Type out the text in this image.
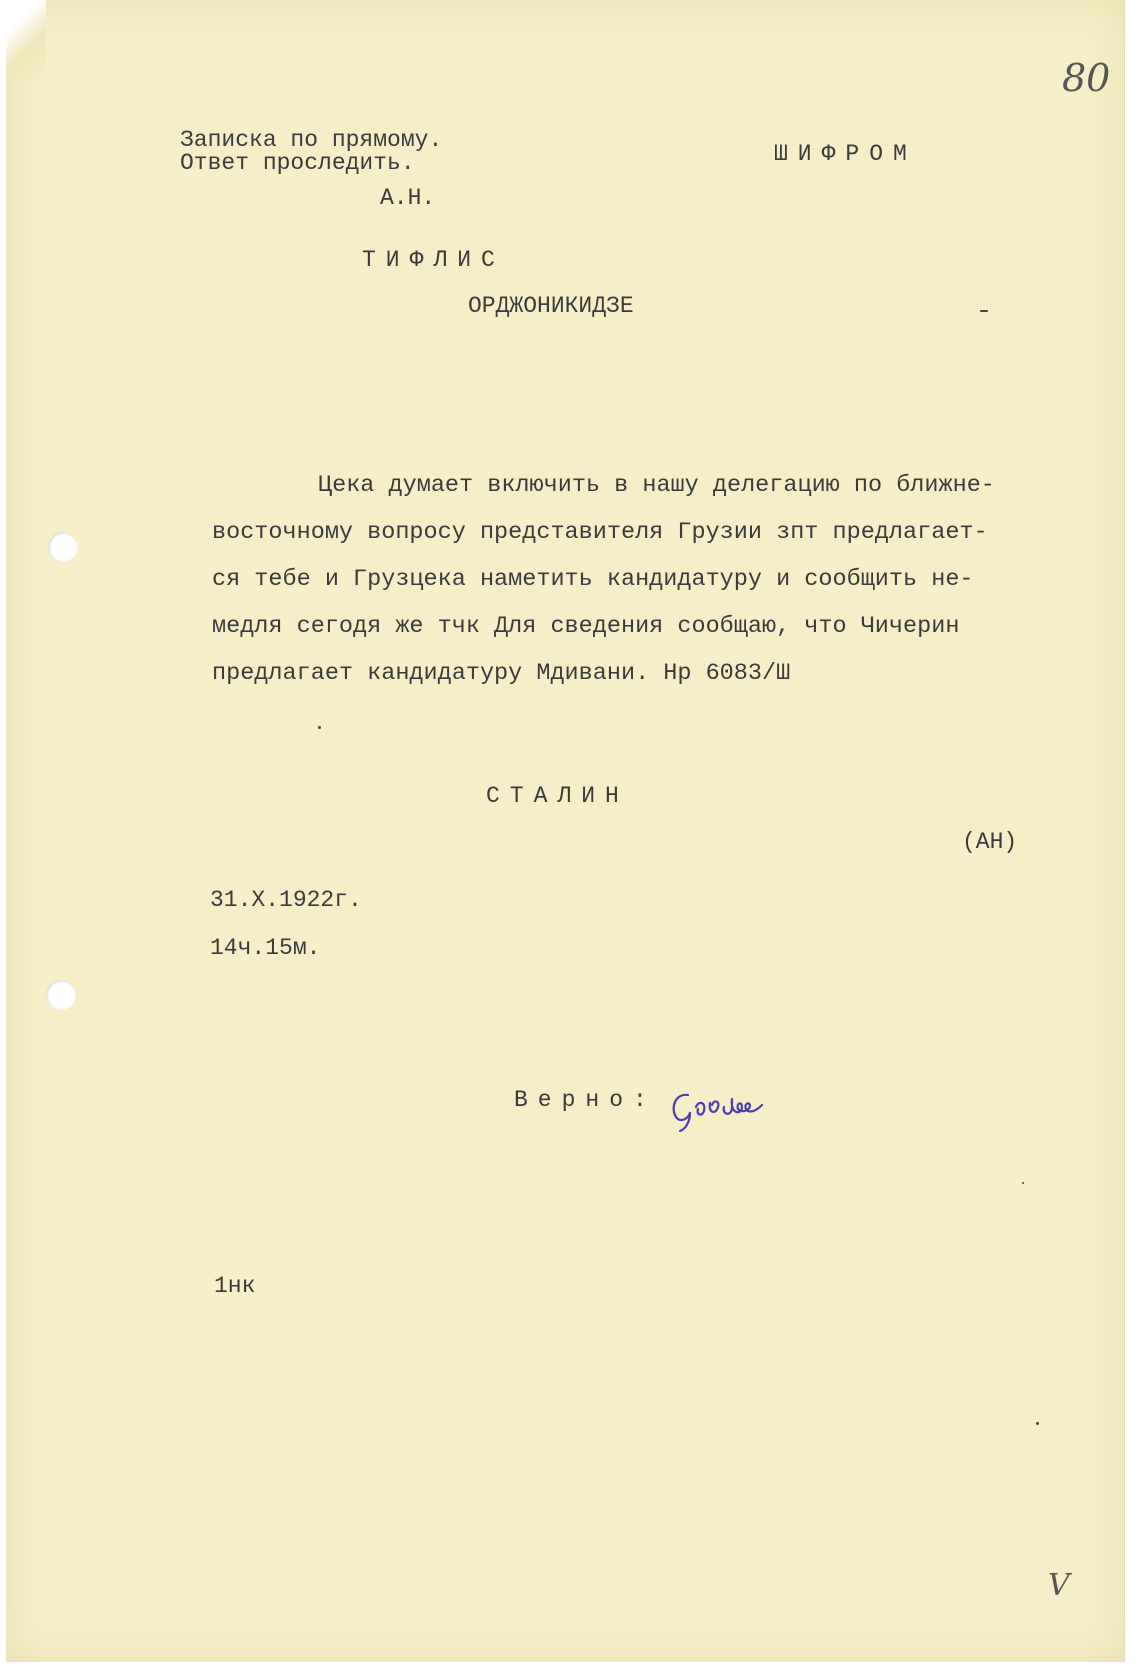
80
Записка по прямому.
Ответ проследить.
А.Н.
ШИФРОМ
ТИФЛИС
ОРДЖОНИКИДЗЕ
Цека думает включить в нашу делегацию по ближне-
восточному вопросу представителя Грузии зпт предлагает-
ся тебе и Грузцека наметить кандидатуру и сообщить не-
медля сегодя же тчк Для сведения сообщаю, что Чичерин
предлагает кандидатуру Мдивани. Нр 6083/Ш
СТАЛИН
(АН)
31.Х.1922г.
14ч.15м.
Верно:
1нк
V
